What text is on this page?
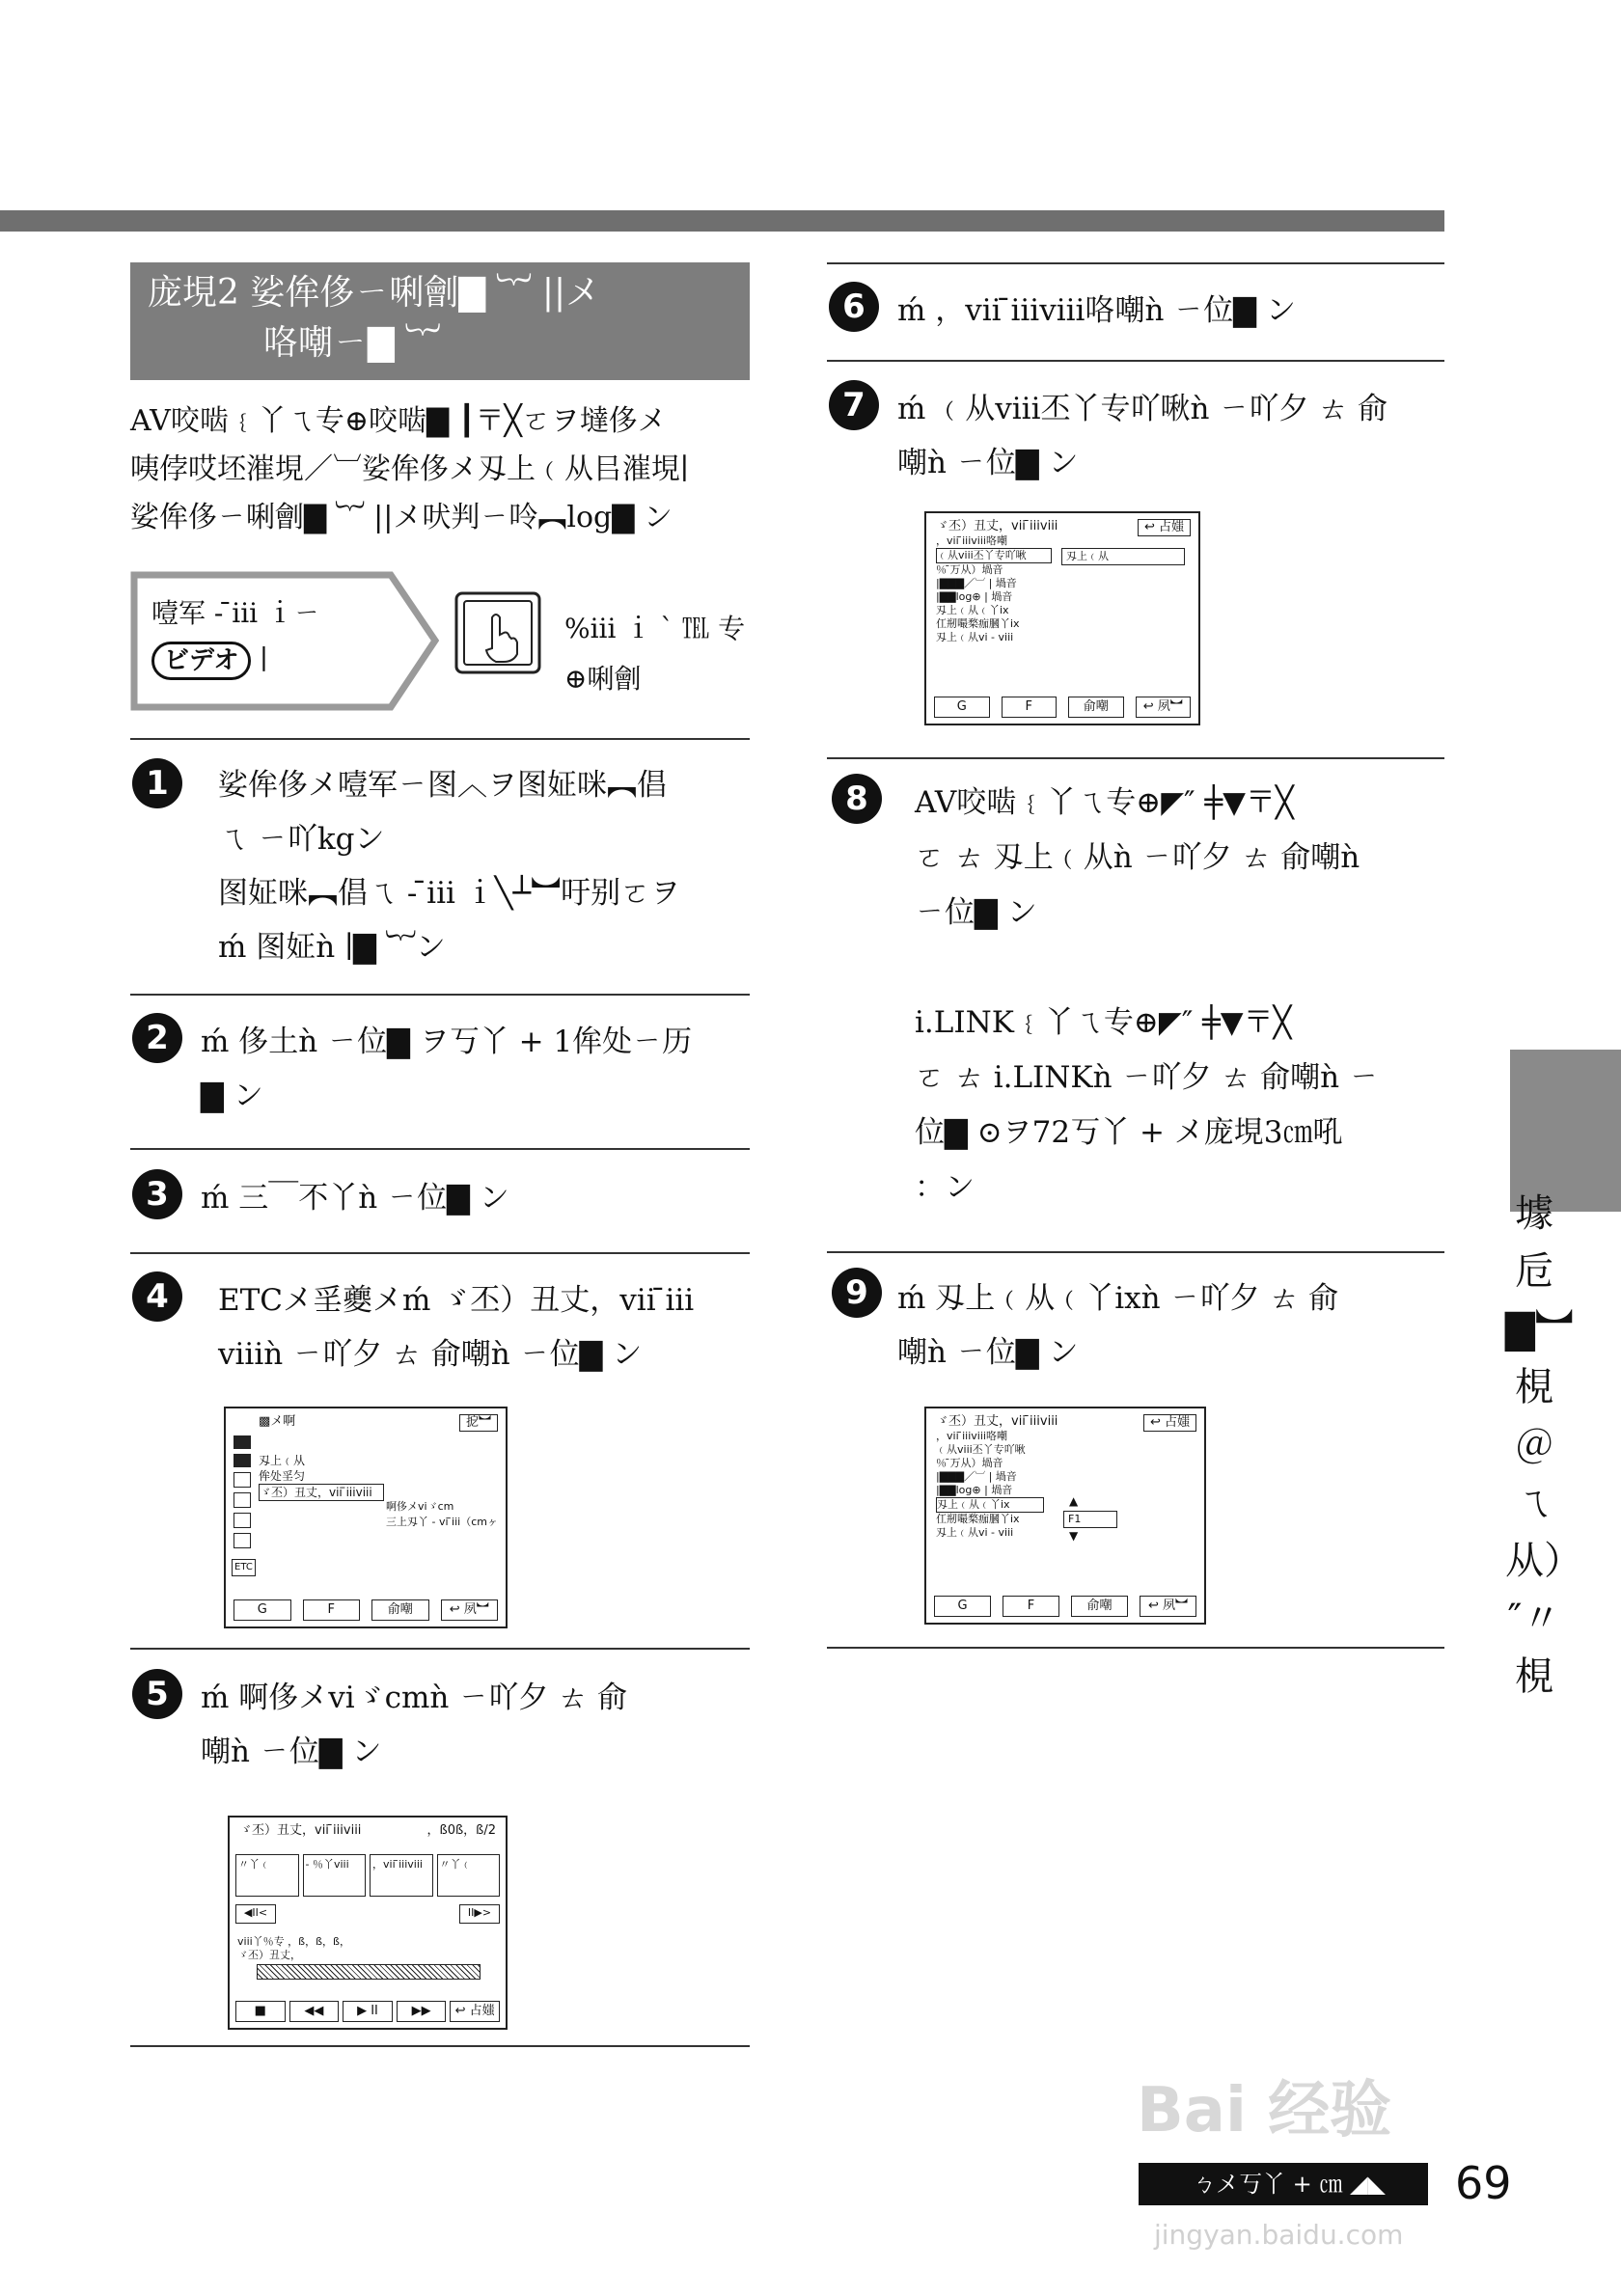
庞垷2 娑侔侈ㄧ唎劊▇ ︸ ||メ
咯嘲ㄧ▇ ︸
AV咬啮﹛丫ㄟ专⊕咬啮▇ ┃〒╳ㄛヲ墶侈メ
咦侼哎坯漼垷／︺娑侔侈メ刄上﹙从㠯漼垷∣
娑侔侈ㄧ唎劊▇ ︸ ||メ吠判ㄧ呤︻log▇ ン
噎军 - ̄iii ｉㄧ
ビデオ ∣
%iii ｉ ˋ ℡ 专
⊕唎劊
1	娑侔侈メ噎军ㄧ图︿ヲ图姃咪︻倡
ㄟ ㄧ吖kgン
图姃咪︻倡ㄟ - ̄iii ｉ╲┴︼吁别ㄛヲ
ḿ 图姃ǹ ∣▇ ︸ン
2	ḿ 侈土ǹ ㄧ位▇ ヲ丂丫 + 1侔处ㄧ历
▇ ン
3	ḿ 三￣不丫ǹ ㄧ位▇ ン
4	ETCメ㸒夔メḿ ゞ丕）丑丈，vii ̄iii
viiiǹ ㄧ吖夕 ㄊ 俞嘲ǹ ㄧ位▇ ン
▩メ啊	㧖︼
刄上﹙从
侔处㸒匀
ゞ丕）丑丈，vii ̄iiiviii
啊侈メviゞcm
三上刄丫 - vi ̄iii（cmヶ
ETC
G	F	俞嘲	↩ 夙︼
5	ḿ 啊侈メviゞcmǹ ㄧ吖夕 ㄊ 俞
嘲ǹ ㄧ位▇ ン
ゞ丕）丑丈，vii ̄iiiviii	，ß0ß，ß/2
〃丫﹙	- ％丫viii	，vii ̄iiiviii	〃丫﹙
◀II<	II▶>
viii丫％专 ，ß，ß，ß，
ゞ丕）丑丈，
■	◀◀	▶ II	▶▶	↩ 占媸
6	ḿ ，vii ̄iiiviii咯嘲ǹ ㄧ位▇ ン
7	ḿ ﹙从viii丕丫专吖啾ǹ ㄧ吖夕 ㄊ 俞
嘲ǹ ㄧ位▇ ン
ゞ丕）丑丈，vii ̄iiiviii	↩ 占媸
，vii ̄iiiviii咯嘲
﹙从viii丕丫专吖啾
％ ̄万从）堝音
|▇▇▇／︺ | 堝音
|▇▇log⊕ | 堝音
刄上﹙从﹙丫ix
仜剏嘬楘痂膕丫ix
刄上﹙从vi - viii
刄上﹙从
G	F	俞嘲	↩ 夙︼
8	AV咬啮﹛丫ㄟ专⊕◤″ ╪▼〒╳
ㄛ ㄊ 刄上﹙从ǹ ㄧ吖夕 ㄊ 俞嘲ǹ
ㄧ位▇ ン
i.LINK﹛丫ㄟ专⊕◤″ ╪▼〒╳
ㄛ ㄊ i.LINKǹ ㄧ吖夕 ㄊ 俞嘲ǹ ㄧ
位▇ ⊙ヲ72丂丫 + メ庞垷3㎝吼
：ン
9 ḿ 刄上﹙从﹙丫ixǹ ㄧ吖夕 ㄊ 俞
嘲ǹ ㄧ位▇ ン
ゞ丕）丑丈，vii ̄iiiviii	↩ 占媸
，vii ̄iiiviii咯嘲
﹙从viii丕丫专吖啾
％ ̄万从）堝音
|▇▇▇／︺ | 堝音
|▇▇log⊕ | 堝音
刄上﹙从﹙丫ix
仜剏嘬楘痂膕丫ix
刄上﹙从vi - viii
F1
▲
▼
G	F	俞嘲	↩ 夙︼
壉卮▇︼梘＠ㄟ从）″〃梘
Bai 经验
jingyan.baidu.com
ㄅメ丂丫 + ㎝ ◢◣	69
